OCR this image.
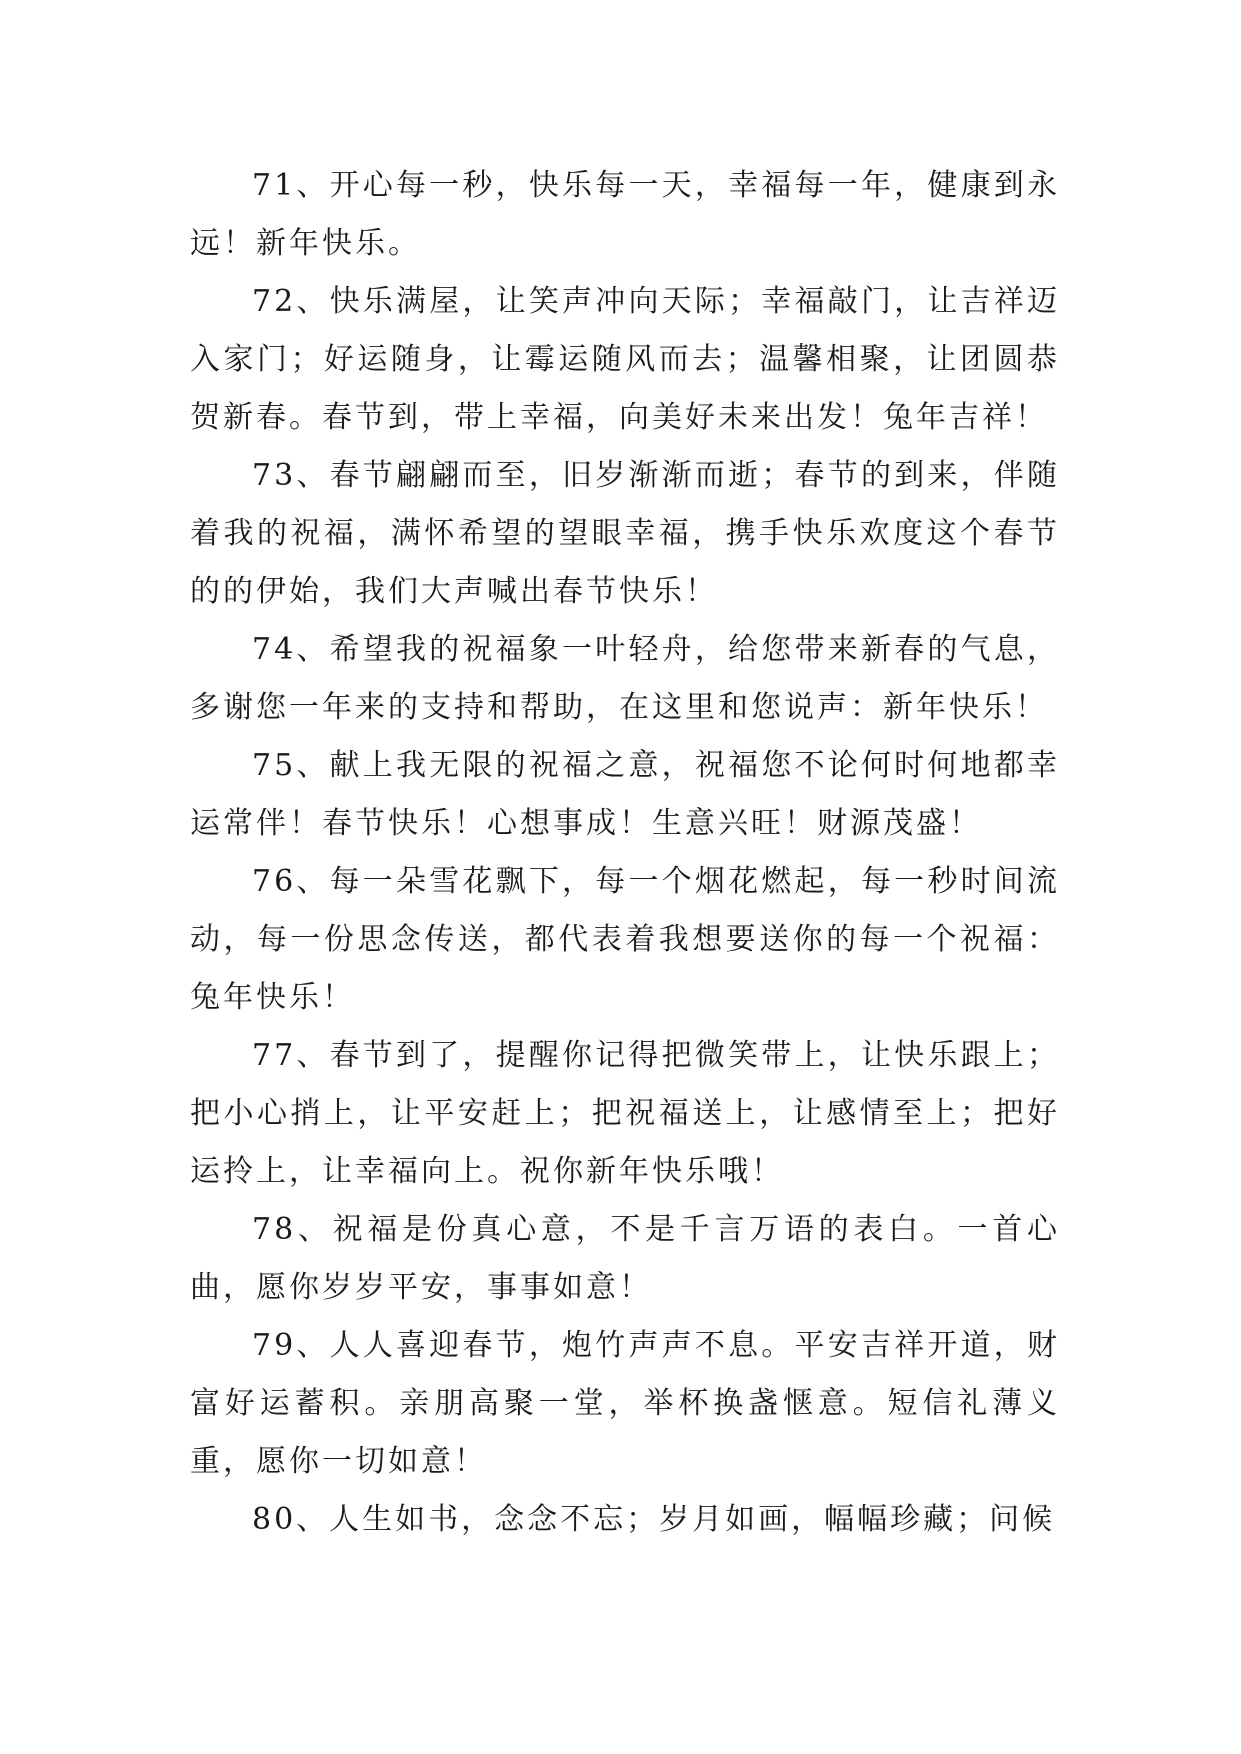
71、开心每一秒，快乐每一天，幸福每一年，健康到永远！新年快乐。

72、快乐满屋，让笑声冲向天际；幸福敲门，让吉祥迈入家门；好运随身，让霉运随风而去；温馨相聚，让团圆恭贺新春。春节到，带上幸福，向美好未来出发！兔年吉祥！

73、春节翩翩而至，旧岁渐渐而逝；春节的到来，伴随着我的祝福，满怀希望的望眼幸福，携手快乐欢度这个春节的的伊始，我们大声喊出春节快乐！

74、希望我的祝福象一叶轻舟，给您带来新春的气息，多谢您一年来的支持和帮助，在这里和您说声：新年快乐！

75、献上我无限的祝福之意，祝福您不论何时何地都幸运常伴！春节快乐！心想事成！生意兴旺！财源茂盛！

76、每一朵雪花飘下，每一个烟花燃起，每一秒时间流动，每一份思念传送，都代表着我想要送你的每一个祝福：兔年快乐！

77、春节到了，提醒你记得把微笑带上，让快乐跟上；把小心捎上，让平安赶上；把祝福送上，让感情至上；把好运拎上，让幸福向上。祝你新年快乐哦！

78、祝福是份真心意，不是千言万语的表白。一首心曲，愿你岁岁平安，事事如意！

79、人人喜迎春节，炮竹声声不息。平安吉祥开道，财富好运蓄积。亲朋高聚一堂，举杯换盏惬意。短信礼薄义重，愿你一切如意！

80、人生如书，念念不忘；岁月如画，幅幅珍藏；问候
